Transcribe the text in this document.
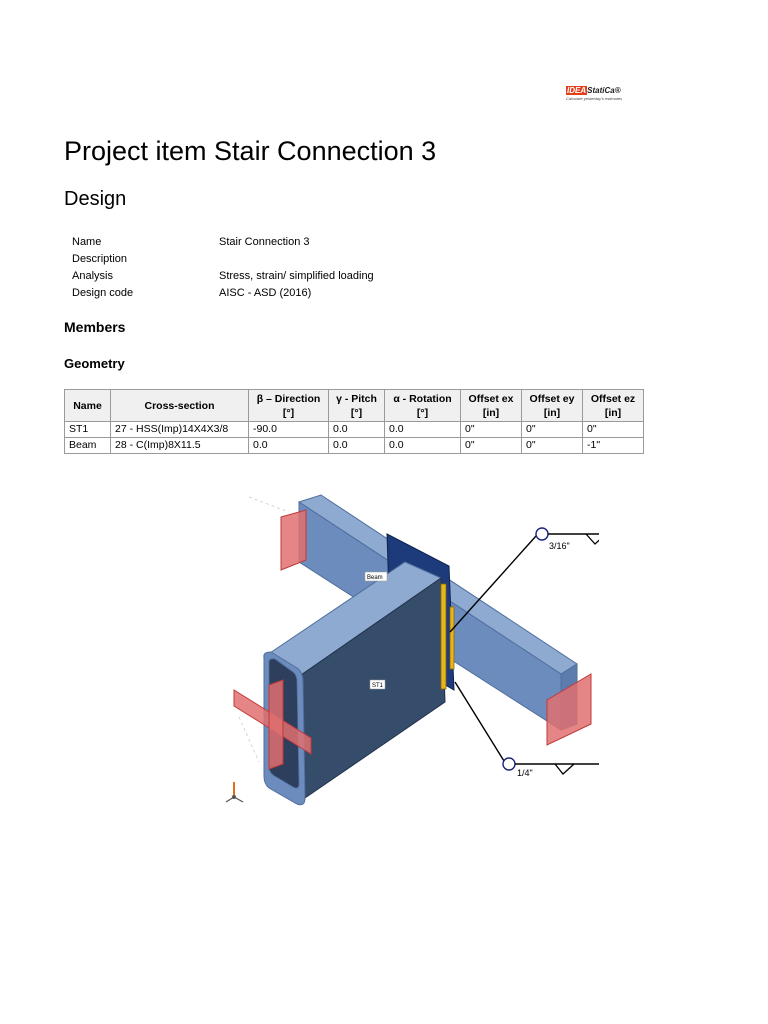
IDEAStatiCa®
Calculate yesterday's estimates
Project item Stair Connection 3
Design
Name	Stair Connection 3
Description	
Analysis	Stress, strain/ simplified loading
Design code	AISC - ASD (2016)
Members
Geometry
Name	Cross-section	β – Direction [°]	γ - Pitch [°]	α - Rotation [°]	Offset ex [in]	Offset ey [in]	Offset ez [in]
ST1	27 - HSS(Imp)14X4X3/8	-90.0	0.0	0.0	0"	0"	0"
Beam	28 - C(Imp)8X11.5	0.0	0.0	0.0	0"	0"	-1"
Beam
ST1
3/16"
1/4"
